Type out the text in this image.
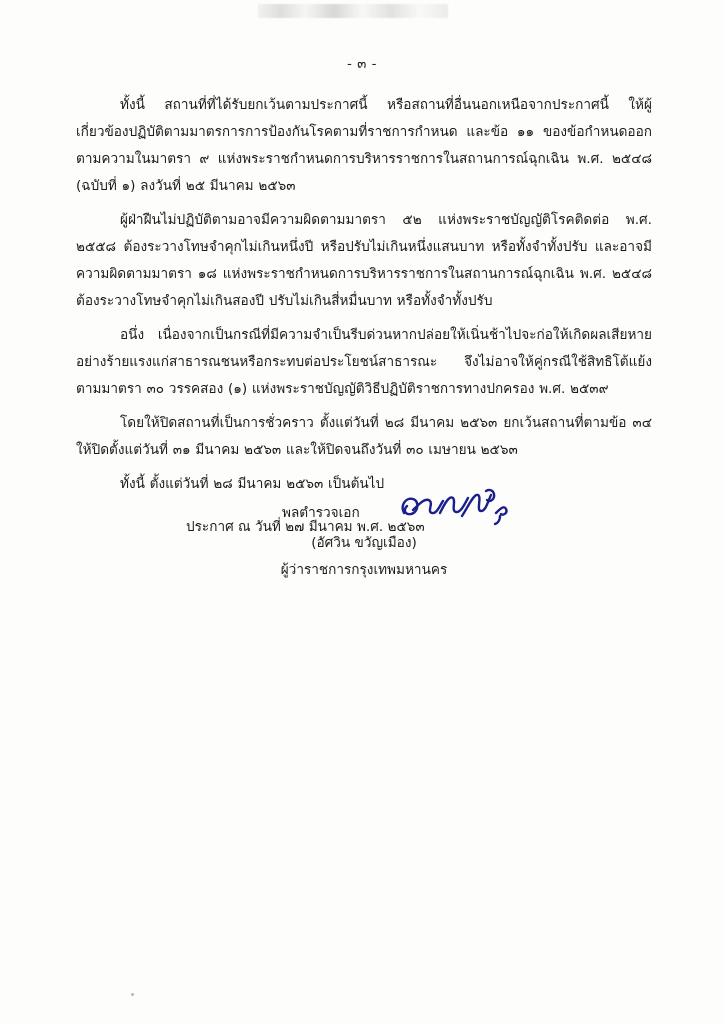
- ๓ -

ทั้งนี้ สถานที่ที่ได้รับยกเว้นตามประกาศนี้ หรือสถานที่อื่นนอกเหนือจากประกาศนี้ ให้ผู้เกี่ยวข้องปฏิบัติตามมาตรการการป้องกันโรคตามที่ราชการกำหนด และข้อ ๑๑ ของข้อกำหนดออกตามความในมาตรา ๙ แห่งพระราชกำหนดการบริหารราชการในสถานการณ์ฉุกเฉิน พ.ศ. ๒๕๔๘ (ฉบับที่ ๑) ลงวันที่ ๒๕ มีนาคม ๒๕๖๓

ผู้ฝ่าฝืนไม่ปฏิบัติตามอาจมีความผิดตามมาตรา ๕๒ แห่งพระราชบัญญัติโรคติดต่อ พ.ศ. ๒๕๕๘ ต้องระวางโทษจำคุกไม่เกินหนึ่งปี หรือปรับไม่เกินหนึ่งแสนบาท หรือทั้งจำทั้งปรับ และอาจมีความผิดตามมาตรา ๑๘ แห่งพระราชกำหนดการบริหารราชการในสถานการณ์ฉุกเฉิน พ.ศ. ๒๕๔๘ ต้องระวางโทษจำคุกไม่เกินสองปี ปรับไม่เกินสี่หมื่นบาท หรือทั้งจำทั้งปรับ

อนึ่ง เนื่องจากเป็นกรณีที่มีความจำเป็นรีบด่วนหากปล่อยให้เนิ่นช้าไปจะก่อให้เกิดผลเสียหายอย่างร้ายแรงแก่สาธารณชนหรือกระทบต่อประโยชน์สาธารณะ จึงไม่อาจให้คู่กรณีใช้สิทธิโต้แย้ง ตามมาตรา ๓๐ วรรคสอง (๑) แห่งพระราชบัญญัติวิธีปฏิบัติราชการทางปกครอง พ.ศ. ๒๕๓๙

โดยให้ปิดสถานที่เป็นการชั่วคราว ตั้งแต่วันที่ ๒๘ มีนาคม ๒๕๖๓ ยกเว้นสถานที่ตามข้อ ๓๔ ให้ปิดตั้งแต่วันที่ ๓๑ มีนาคม ๒๕๖๓ และให้ปิดจนถึงวันที่ ๓๐ เมษายน ๒๕๖๓

ทั้งนี้ ตั้งแต่วันที่ ๒๘ มีนาคม ๒๕๖๓ เป็นต้นไป

ประกาศ ณ วันที่ ๒๗ มีนาคม พ.ศ. ๒๕๖๓

พลตำรวจเอก
(อัศวิน ขวัญเมือง)
ผู้ว่าราชการกรุงเทพมหานคร
